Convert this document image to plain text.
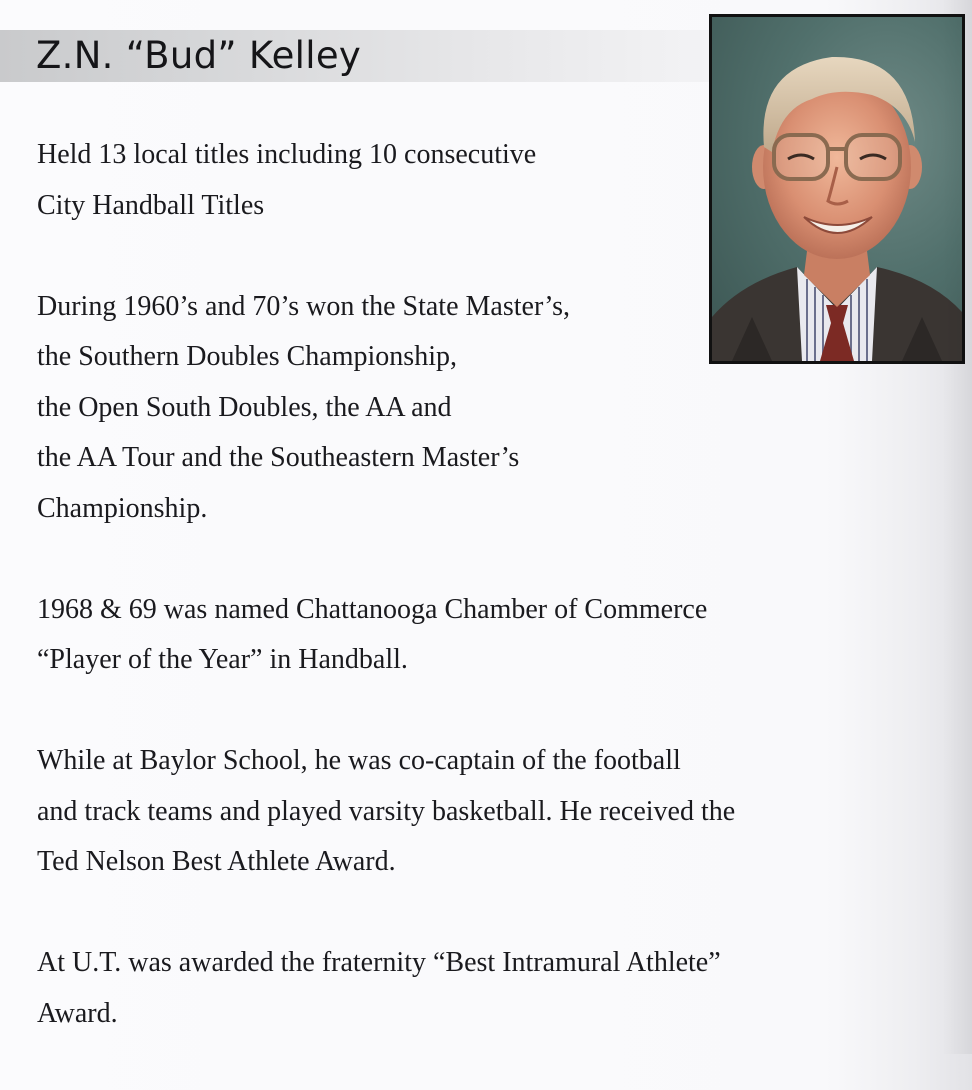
Z.N. “Bud” Kelley

Held 13 local titles including 10 consecutive
City Handball Titles

During 1960’s and 70’s won the State Master’s,
the Southern Doubles Championship,
the Open South Doubles, the AA and
the AA Tour and the Southeastern Master’s
Championship.

1968 & 69 was named Chattanooga Chamber of Commerce
“Player of the Year” in Handball.

While at Baylor School, he was co-captain of the football
and track teams and played varsity basketball. He received the
Ted Nelson Best Athlete Award.

At U.T. was awarded the fraternity “Best Intramural Athlete”
Award.
